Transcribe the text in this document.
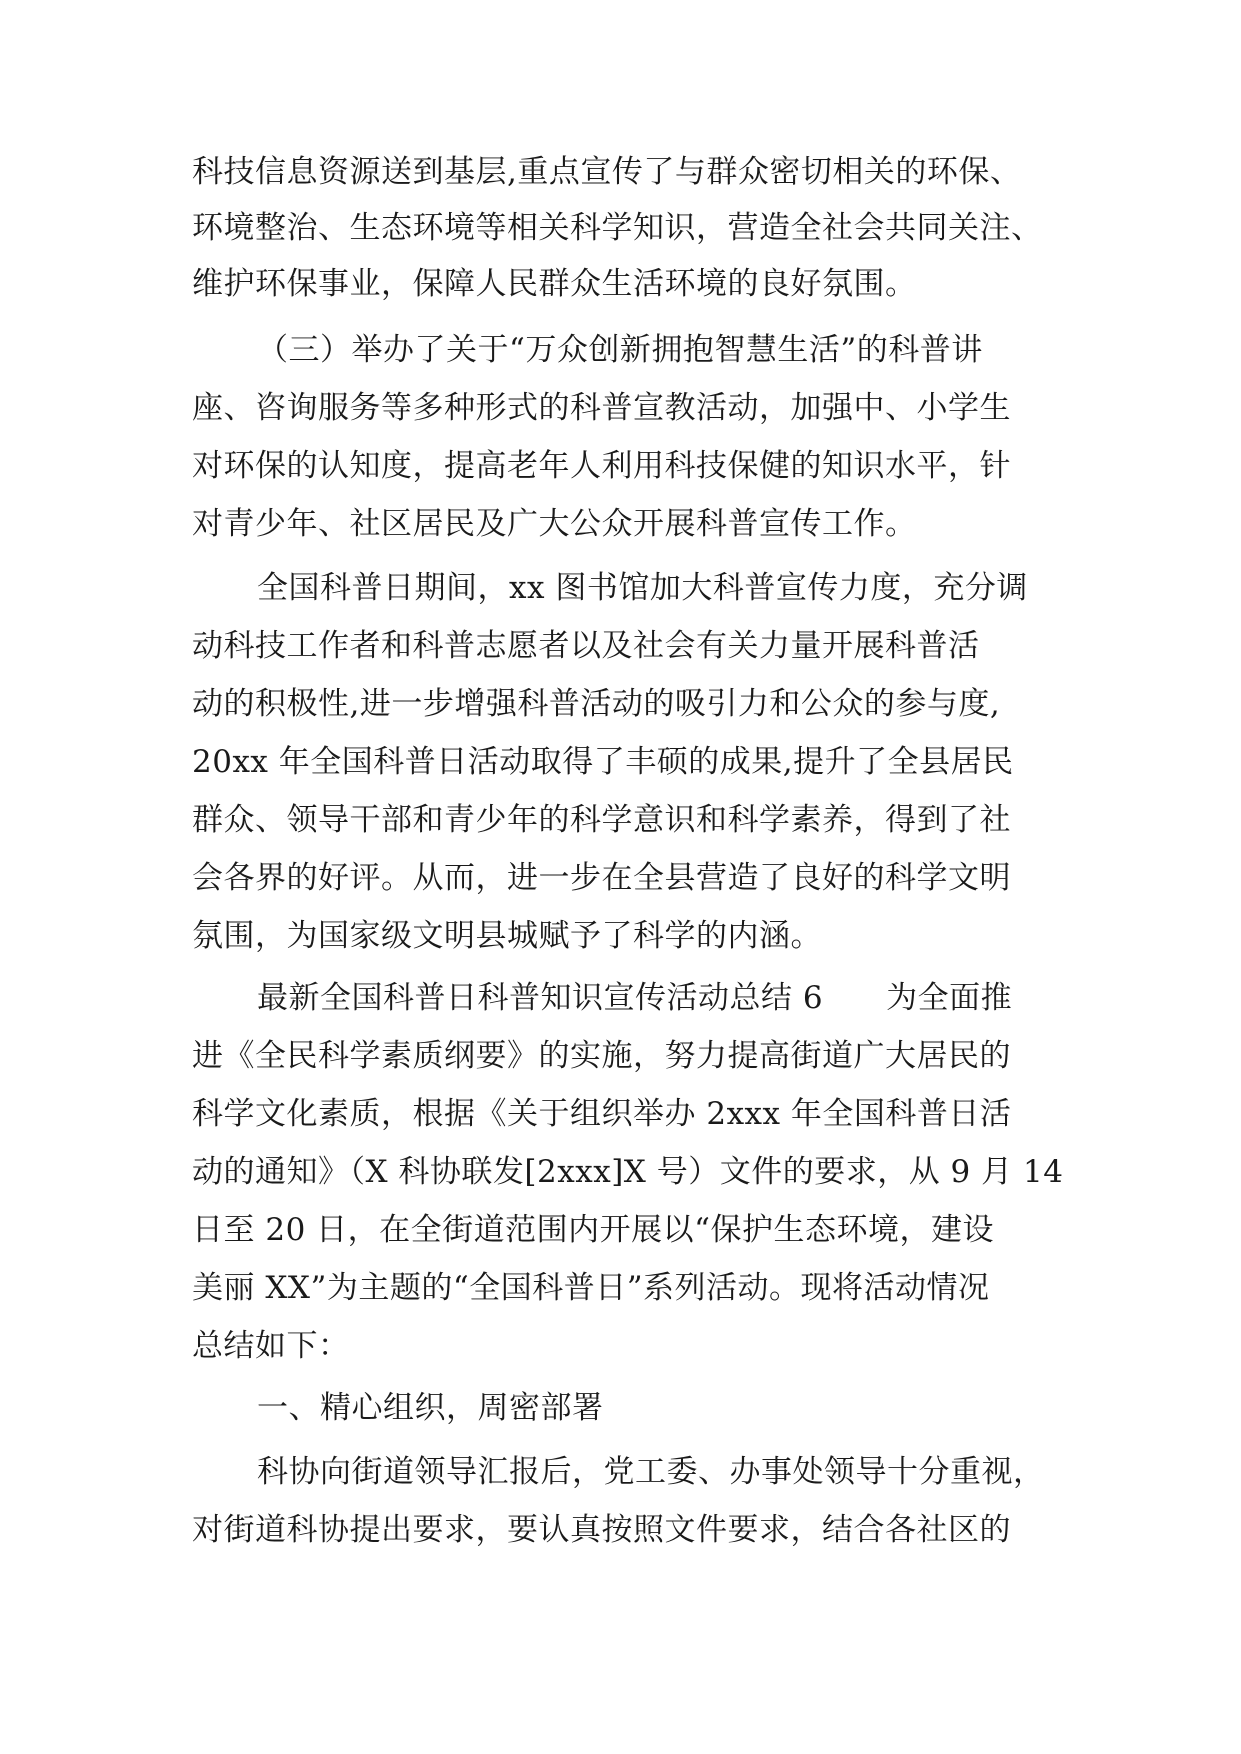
科技信息资源送到基层,重点宣传了与群众密切相关的环保、
环境整治、生态环境等相关科学知识，营造全社会共同关注、
维护环保事业，保障人民群众生活环境的良好氛围。
（三）举办了关于“万众创新拥抱智慧生活”的科普讲
座、咨询服务等多种形式的科普宣教活动，加强中、小学生
对环保的认知度，提高老年人利用科技保健的知识水平，针
对青少年、社区居民及广大公众开展科普宣传工作。
全国科普日期间，xx 图书馆加大科普宣传力度，充分调
动科技工作者和科普志愿者以及社会有关力量开展科普活
动的积极性,进一步增强科普活动的吸引力和公众的参与度,
20xx 年全国科普日活动取得了丰硕的成果,提升了全县居民
群众、领导干部和青少年的科学意识和科学素养，得到了社
会各界的好评。从而，进一步在全县营造了良好的科学文明
氛围，为国家级文明县城赋予了科学的内涵。
最新全国科普日科普知识宣传活动总结 6　　为全面推
进《全民科学素质纲要》的实施，努力提高街道广大居民的
科学文化素质，根据《关于组织举办 2xxx 年全国科普日活
动的通知》（X 科协联发[2xxx]X 号）文件的要求，从 9 月 14
日至 20 日，在全街道范围内开展以“保护生态环境，建设
美丽 XX”为主题的“全国科普日”系列活动。现将活动情况
总结如下：
一、精心组织，周密部署
科协向街道领导汇报后，党工委、办事处领导十分重视，
对街道科协提出要求，要认真按照文件要求，结合各社区的
